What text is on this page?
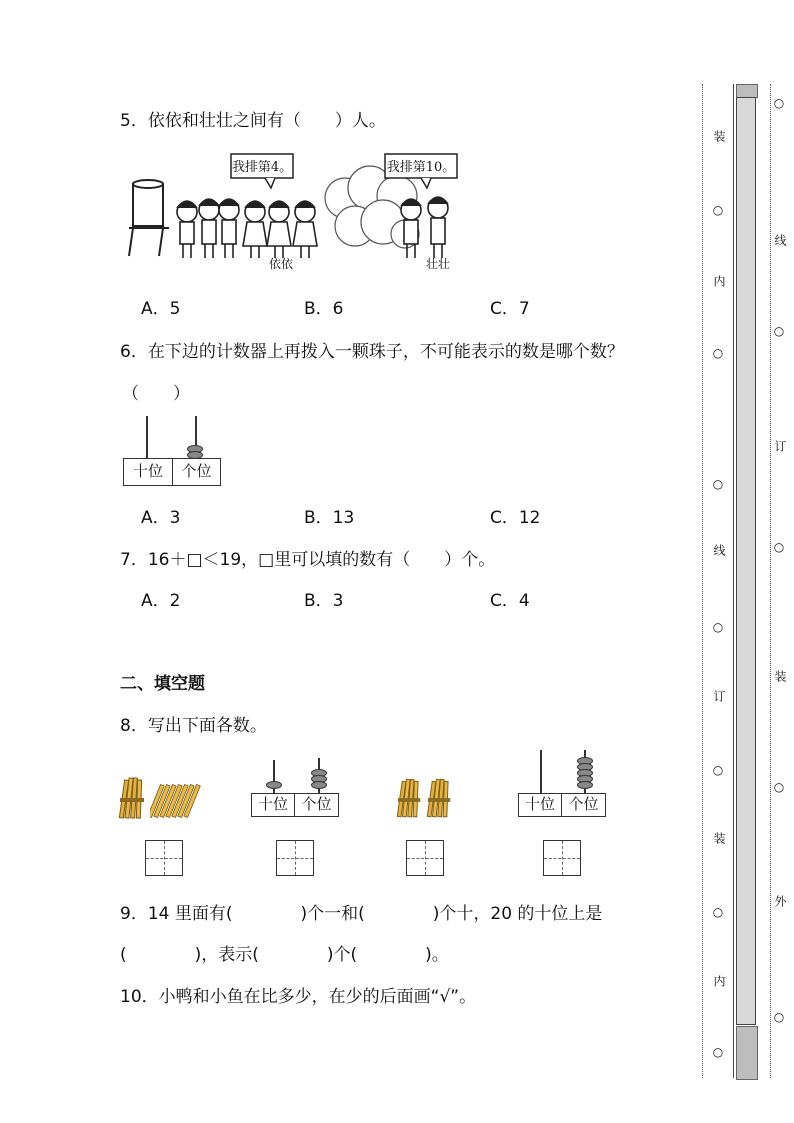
5．依依和壮壮之间有（　　）人。
我排第4。	我排第10。
依依	壮壮
A．5	B．6	C．7
6．在下边的计数器上再拨入一颗珠子，不可能表示的数是哪个数？
（　　）
十位	个位
A．3	B．13	C．12
7．16＋□＜19，□里可以填的数有（　　）个。
A．2	B．3	C．4
二、填空题
8．写出下面各数。
十位 个位	十位 个位
9．14 里面有(　　　　)个一和(　　　　)个十，20 的十位上是
(　　　　)，表示(　　　　)个(　　　　)。
10．小鸭和小鱼在比多少，在少的后面画“√”。
装
○
内
○
○
线
○
订
○
装
○
内
○
○
线
○
订
○
装
○
外
○
